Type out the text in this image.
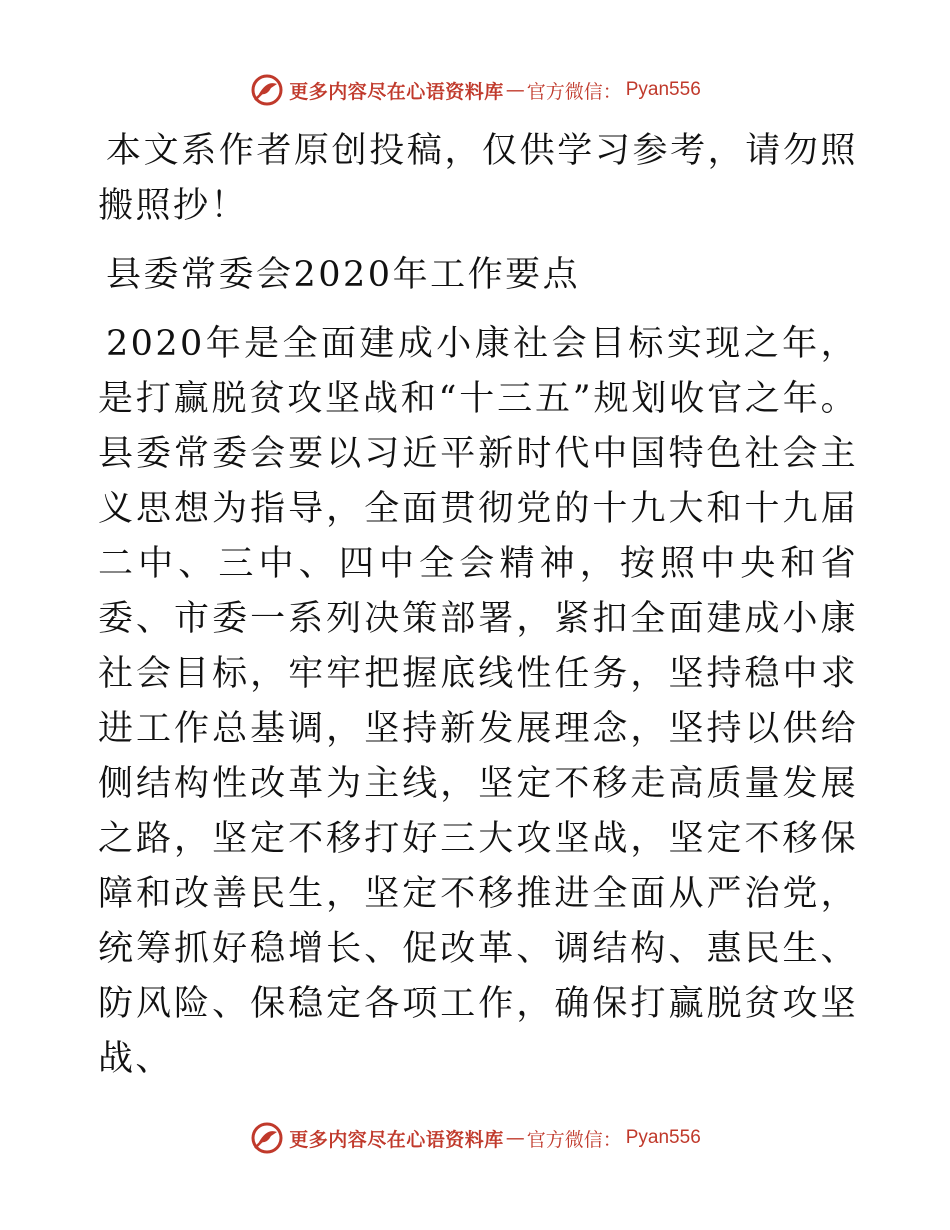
更多内容尽在心语资料库 — 官方微信： Pyan556

本文系作者原创投稿，仅供学习参考，请勿照搬照抄！

县委常委会2020年工作要点

2020年是全面建成小康社会目标实现之年，是打赢脱贫攻坚战和“十三五”规划收官之年。县委常委会要以习近平新时代中国特色社会主义思想为指导，全面贯彻党的十九大和十九届二中、三中、四中全会精神，按照中央和省委、市委一系列决策部署，紧扣全面建成小康社会目标，牢牢把握底线性任务，坚持稳中求进工作总基调，坚持新发展理念，坚持以供给侧结构性改革为主线，坚定不移走高质量发展之路，坚定不移打好三大攻坚战，坚定不移保障和改善民生，坚定不移推进全面从严治党，统筹抓好稳增长、促改革、调结构、惠民生、防风险、保稳定各项工作，确保打赢脱贫攻坚战、

更多内容尽在心语资料库 — 官方微信： Pyan556
